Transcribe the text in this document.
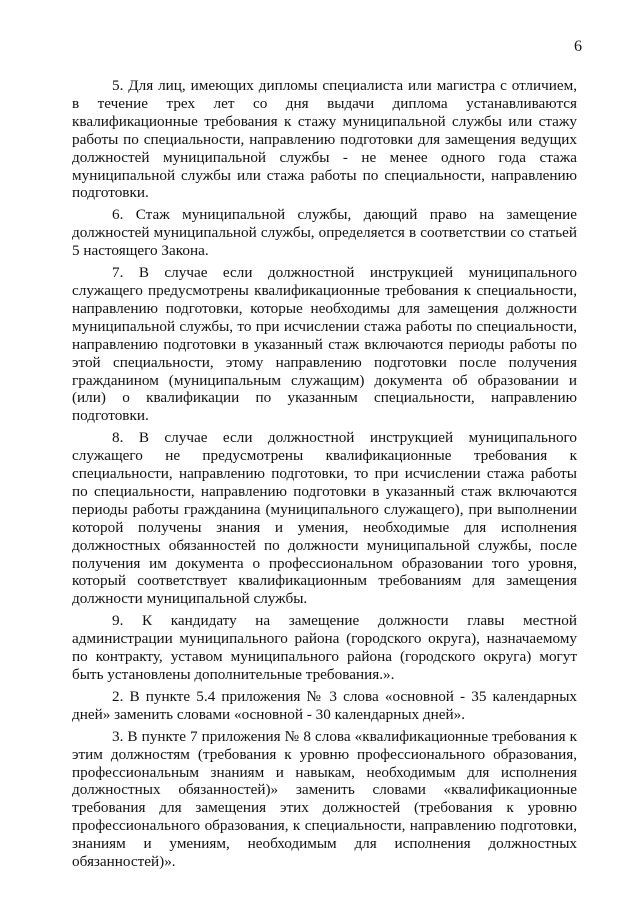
6

5. Для лиц, имеющих дипломы специалиста или магистра с отличием, в течение трех лет со дня выдачи диплома устанавливаются квалификационные требования к стажу муниципальной службы или стажу работы по специальности, направлению подготовки для замещения ведущих должностей муниципальной службы - не менее одного года стажа муниципальной службы или стажа работы по специальности, направлению подготовки.

6. Стаж муниципальной службы, дающий право на замещение должностей муниципальной службы, определяется в соответствии со статьей 5 настоящего Закона.

7. В случае если должностной инструкцией муниципального служащего предусмотрены квалификационные требования к специальности, направлению подготовки, которые необходимы для замещения должности муниципальной службы, то при исчислении стажа работы по специальности, направлению подготовки в указанный стаж включаются периоды работы по этой специальности, этому направлению подготовки после получения гражданином (муниципальным служащим) документа об образовании и (или) о квалификации по указанным специальности, направлению подготовки.

8. В случае если должностной инструкцией муниципального служащего не предусмотрены квалификационные требования к специальности, направлению подготовки, то при исчислении стажа работы по специальности, направлению подготовки в указанный стаж включаются периоды работы гражданина (муниципального служащего), при выполнении которой получены знания и умения, необходимые для исполнения должностных обязанностей по должности муниципальной службы, после получения им документа о профессиональном образовании того уровня, который соответствует квалификационным требованиям для замещения должности муниципальной службы.

9. К кандидату на замещение должности главы местной администрации муниципального района (городского округа), назначаемому по контракту, уставом муниципального района (городского округа) могут быть установлены дополнительные требования.».

2. В пункте 5.4 приложения № 3 слова «основной - 35 календарных дней» заменить словами «основной - 30 календарных дней».

3. В пункте 7 приложения № 8 слова «квалификационные требования к этим должностям (требования к уровню профессионального образования, профессиональным знаниям и навыкам, необходимым для исполнения должностных обязанностей)» заменить словами «квалификационные требования для замещения этих должностей (требования к уровню профессионального образования, к специальности, направлению подготовки, знаниям и умениям, необходимым для исполнения должностных обязанностей)».
